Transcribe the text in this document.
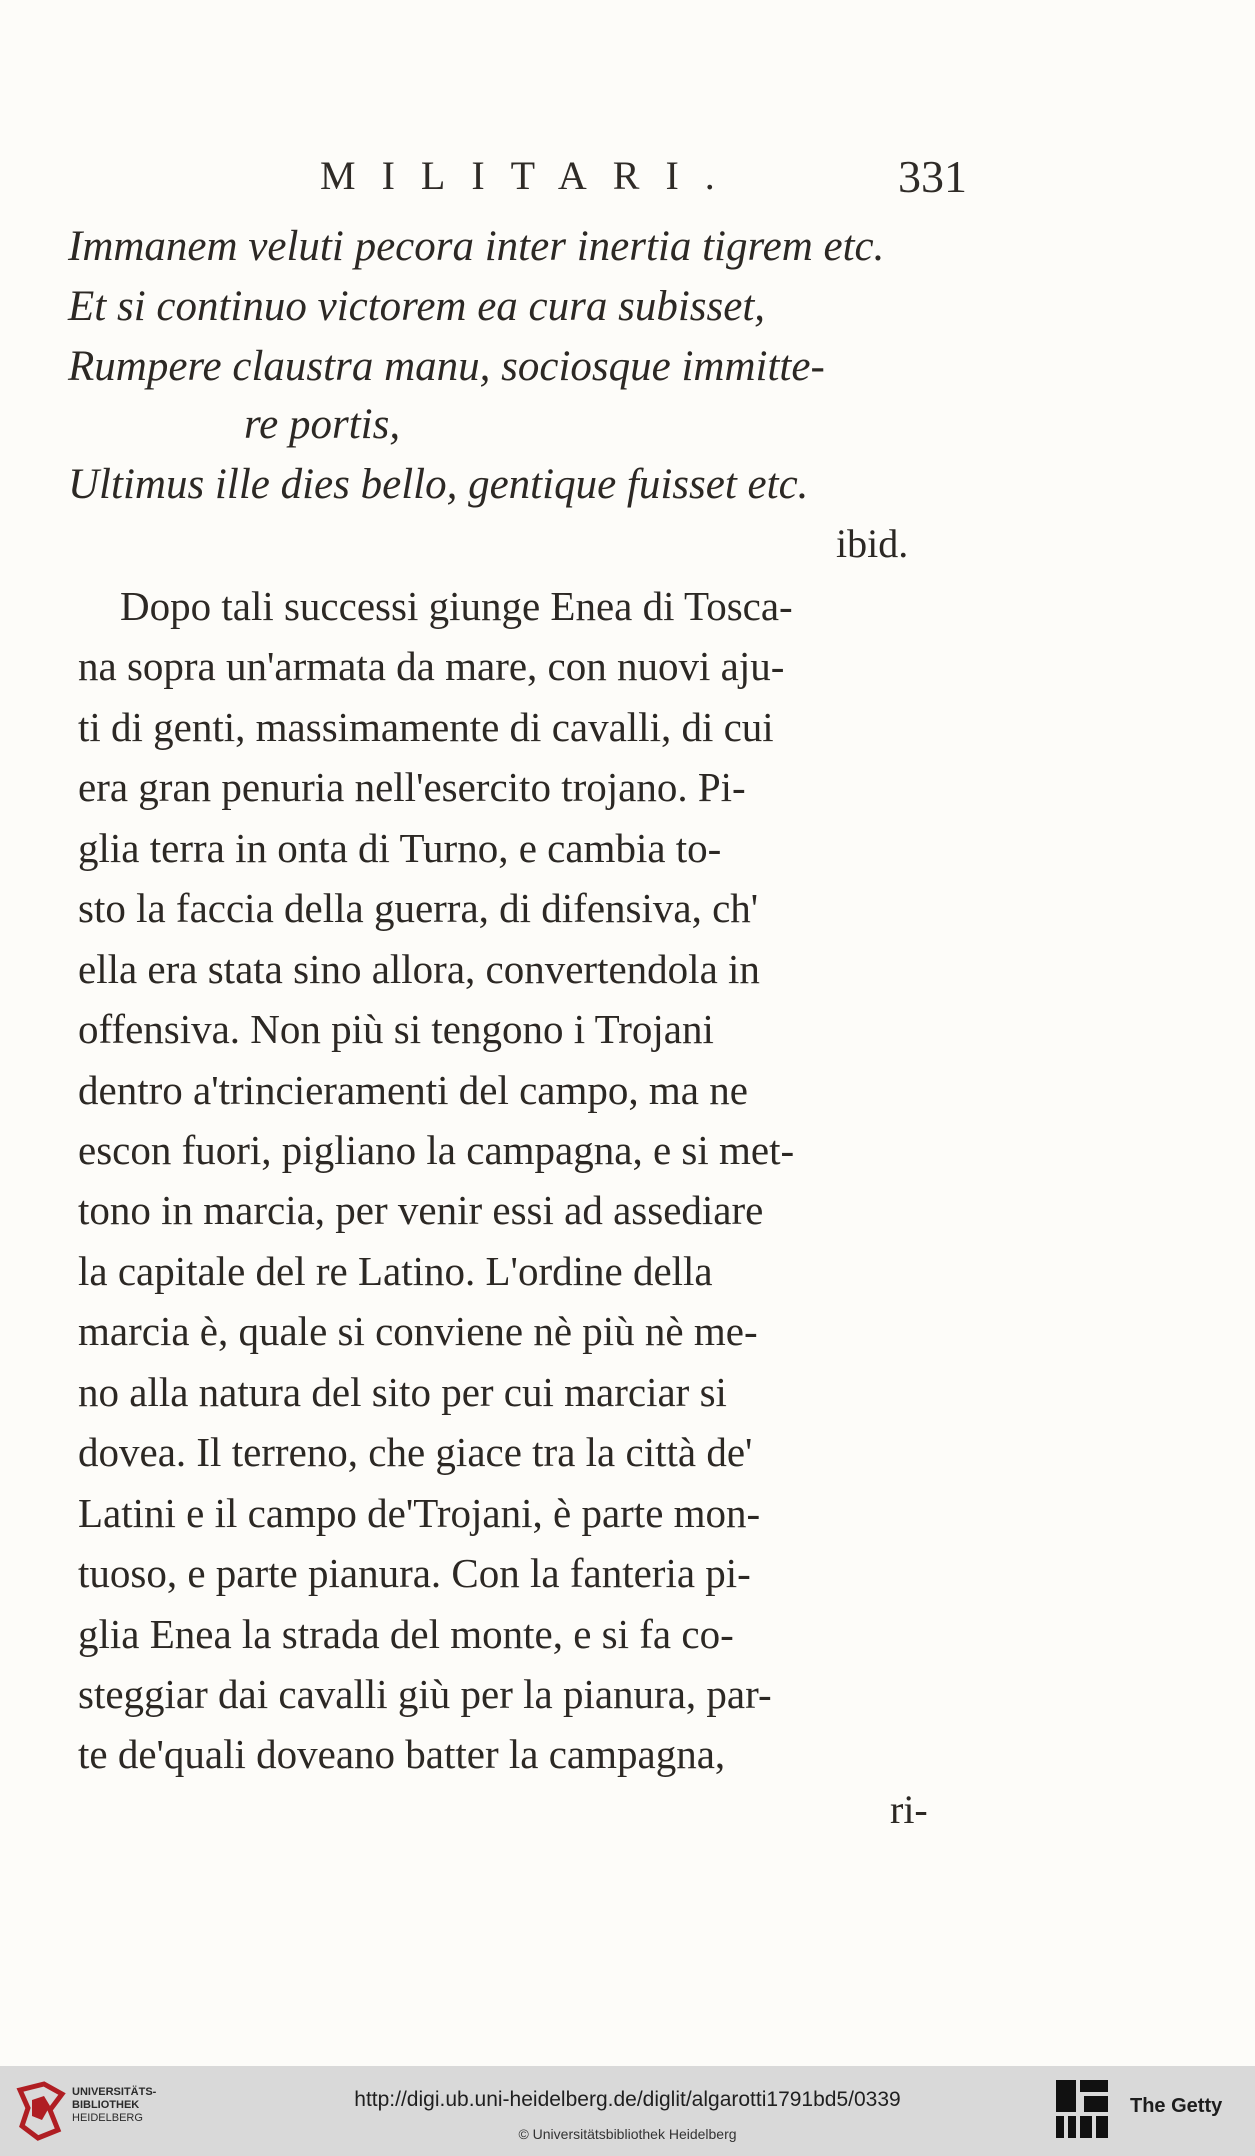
MILITARI.	331
Immanem veluti pecora inter inertia tigrem etc.
Et si continuo victorem ea cura subisset,
Rumpere claustra manu, sociosque immitte-
re portis,
Ultimus ille dies bello, gentique fuisset etc.
ibid.
Dopo tali successi giunge Enea di Tosca-
na sopra un'armata da mare, con nuovi aju-
ti di genti, massimamente di cavalli, di cui
era gran penuria nell'esercito trojano. Pi-
glia terra in onta di Turno, e cambia to-
sto la faccia della guerra, di difensiva, ch'
ella era stata sino allora, convertendola in
offensiva. Non più si tengono i Trojani
dentro a'trincieramenti del campo, ma ne
escon fuori, pigliano la campagna, e si met-
tono in marcia, per venir essi ad assediare
la capitale del re Latino. L'ordine della
marcia è, quale si conviene nè più nè me-
no alla natura del sito per cui marciar si
dovea. Il terreno, che giace tra la città de'
Latini e il campo de'Trojani, è parte mon-
tuoso, e parte pianura. Con la fanteria pi-
glia Enea la strada del monte, e si fa co-
steggiar dai cavalli giù per la pianura, par-
te de'quali doveano batter la campagna,
ri-
UNIVERSITÄTS-
BIBLIOTHEK
HEIDELBERG
http://digi.ub.uni-heidelberg.de/diglit/algarotti1791bd5/0339
© Universitätsbibliothek Heidelberg
The Getty
